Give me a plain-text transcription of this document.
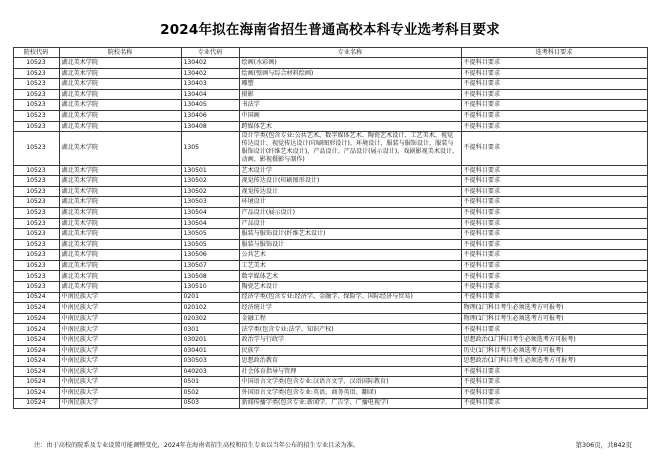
2024年拟在海南省招生普通高校本科专业选考科目要求
院校代码	院校名称	专业代码	专业名称	选考科目要求
10523	湖北美术学院	130402	绘画(水彩画)	不提科目要求
10523	湖北美术学院	130402	绘画(壁画与综合材料绘画)	不提科目要求
10523	湖北美术学院	130403	雕塑	不提科目要求
10523	湖北美术学院	130404	摄影	不提科目要求
10523	湖北美术学院	130405	书法学	不提科目要求
10523	湖北美术学院	130406	中国画	不提科目要求
10523	湖北美术学院	130408	跨媒体艺术	不提科目要求
10523	湖北美术学院	1305	设计学类(包含专业:公共艺术、数字媒体艺术、陶瓷艺术设计、工艺美术、视觉传达设计、视觉传达设计(印刷图形设计)、环境设计、服装与服饰设计、服装与服饰设计(纤维艺术设计)、产品设计、产品设计(展示设计)、戏剧影视美术设计、动画、影视摄影与制作)	不提科目要求
10523	湖北美术学院	130501	艺术设计学	不提科目要求
10523	湖北美术学院	130502	视觉传达设计(印刷图形设计)	不提科目要求
10523	湖北美术学院	130502	视觉传达设计	不提科目要求
10523	湖北美术学院	130503	环境设计	不提科目要求
10523	湖北美术学院	130504	产品设计(展示设计)	不提科目要求
10523	湖北美术学院	130504	产品设计	不提科目要求
10523	湖北美术学院	130505	服装与服饰设计(纤维艺术设计)	不提科目要求
10523	湖北美术学院	130505	服装与服饰设计	不提科目要求
10523	湖北美术学院	130506	公共艺术	不提科目要求
10523	湖北美术学院	130507	工艺美术	不提科目要求
10523	湖北美术学院	130508	数字媒体艺术	不提科目要求
10523	湖北美术学院	130510	陶瓷艺术设计	不提科目要求
10524	中南民族大学	0201	经济学类(包含专业:经济学、金融学、保险学、国际经济与贸易)	不提科目要求
10524	中南民族大学	020102	经济统计学	物理(1门科目考生必须选考方可报考)
10524	中南民族大学	020302	金融工程	物理(1门科目考生必须选考方可报考)
10524	中南民族大学	0301	法学类(包含专业:法学、知识产权)	不提科目要求
10524	中南民族大学	030201	政治学与行政学	思想政治(1门科目考生必须选考方可报考)
10524	中南民族大学	030401	民族学	历史(1门科目考生必须选考方可报考)
10524	中南民族大学	030503	思想政治教育	思想政治(1门科目考生必须选考方可报考)
10524	中南民族大学	040203	社会体育指导与管理	不提科目要求
10524	中南民族大学	0501	中国语言文学类(包含专业:汉语言文学、汉语国际教育)	不提科目要求
10524	中南民族大学	0502	外国语言文学类(包含专业:英语、商务英语、翻译)	不提科目要求
10524	中南民族大学	0503	新闻传播学类(包含专业:新闻学、广告学、广播电视学)	不提科目要求
注：由于高校的院系及专业设置可能调整变化，2024年在海南省招生高校和招生专业以当年公布的招生专业目录为准。	第306页，共842页
